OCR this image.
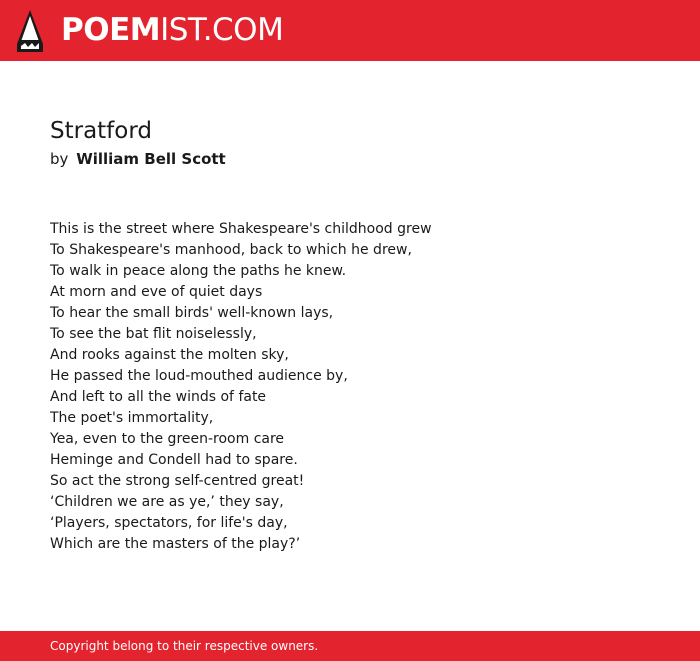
POEMIST.COM
Stratford
by William Bell Scott
This is the street where Shakespeare's childhood grew
To Shakespeare's manhood, back to which he drew,
To walk in peace along the paths he knew.
At morn and eve of quiet days
To hear the small birds' well-known lays,
To see the bat flit noiselessly,
And rooks against the molten sky,
He passed the loud-mouthed audience by,
And left to all the winds of fate
The poet's immortality,
Yea, even to the green-room care
Heminge and Condell had to spare.
So act the strong self-centred great!
‘Children we are as ye,’ they say,
‘Players, spectators, for life's day,
Which are the masters of the play?’
Copyright belong to their respective owners.
